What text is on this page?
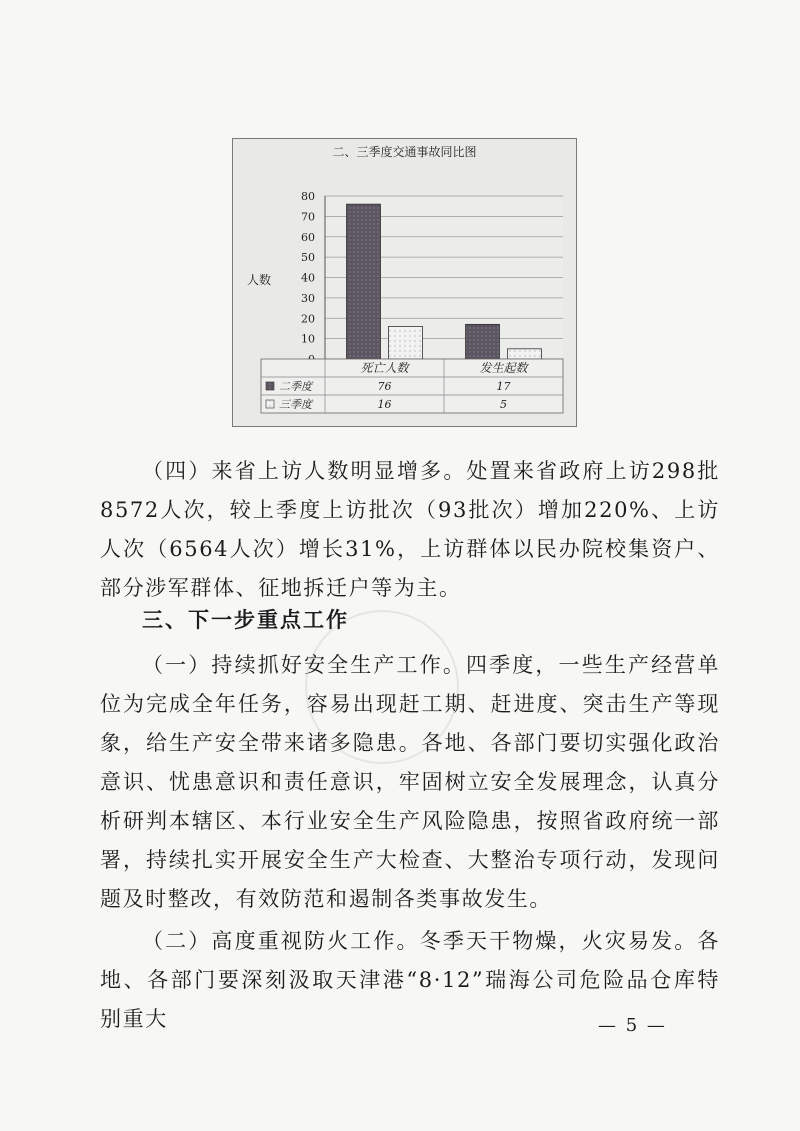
二、三季度交通事故同比图
10
20
30
40
50
60
70
80
人数
死亡人数
76
16
发生起数
17
5
二季度
三季度
（四）来省上访人数明显增多。处置来省政府上访298批8572人次，较上季度上访批次（93批次）增加220%、上访人次（6564人次）增长31%，上访群体以民办院校集资户、部分涉军群体、征地拆迁户等为主。
三、下一步重点工作
（一）持续抓好安全生产工作。四季度，一些生产经营单位为完成全年任务，容易出现赶工期、赶进度、突击生产等现象，给生产安全带来诸多隐患。各地、各部门要切实强化政治意识、忧患意识和责任意识，牢固树立安全发展理念，认真分析研判本辖区、本行业安全生产风险隐患，按照省政府统一部署，持续扎实开展安全生产大检查、大整治专项行动，发现问题及时整改，有效防范和遏制各类事故发生。
（二）高度重视防火工作。冬季天干物燥，火灾易发。各地、各部门要深刻汲取天津港“8·12”瑞海公司危险品仓库特别重大	— 5 —
